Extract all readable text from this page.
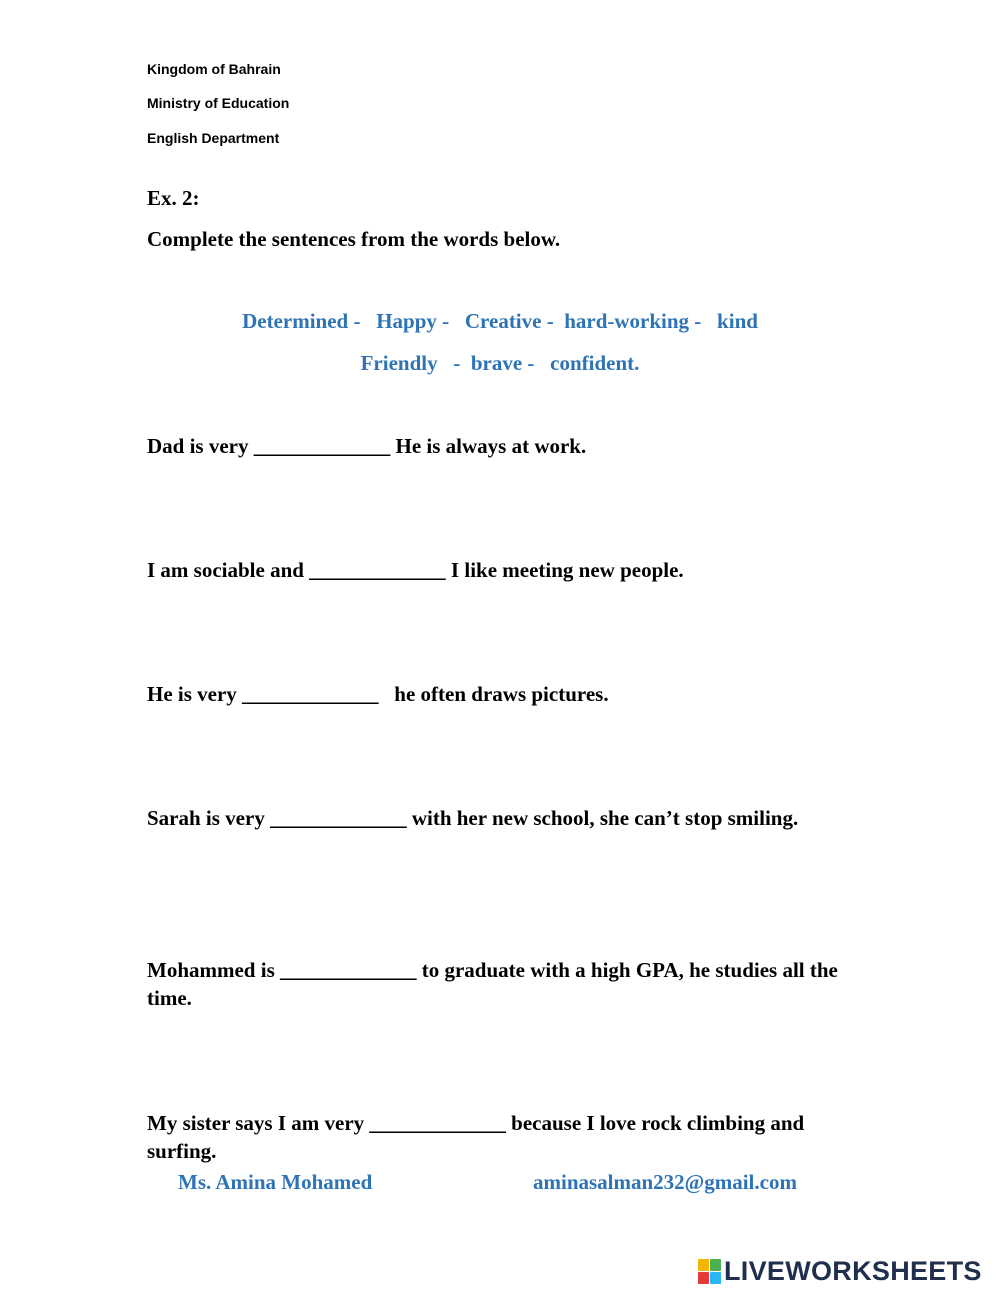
Kingdom of Bahrain
Ministry of Education
English Department
Ex. 2:
Complete the sentences from the words below.
Determined -   Happy -   Creative -  hard-working -   kind
Friendly   -  brave -   confident.
Dad is very _____________ He is always at work.
I am sociable and _____________ I like meeting new people.
He is very _____________   he often draws pictures.
Sarah is very _____________ with her new school, she can’t stop smiling.
Mohammed is _____________ to graduate with a high GPA, he studies all the time.
My sister says I am very _____________ because I love rock climbing and surfing.
Ms. Amina Mohamed	aminasalman232@gmail.com
LIVEWORKSHEETS
